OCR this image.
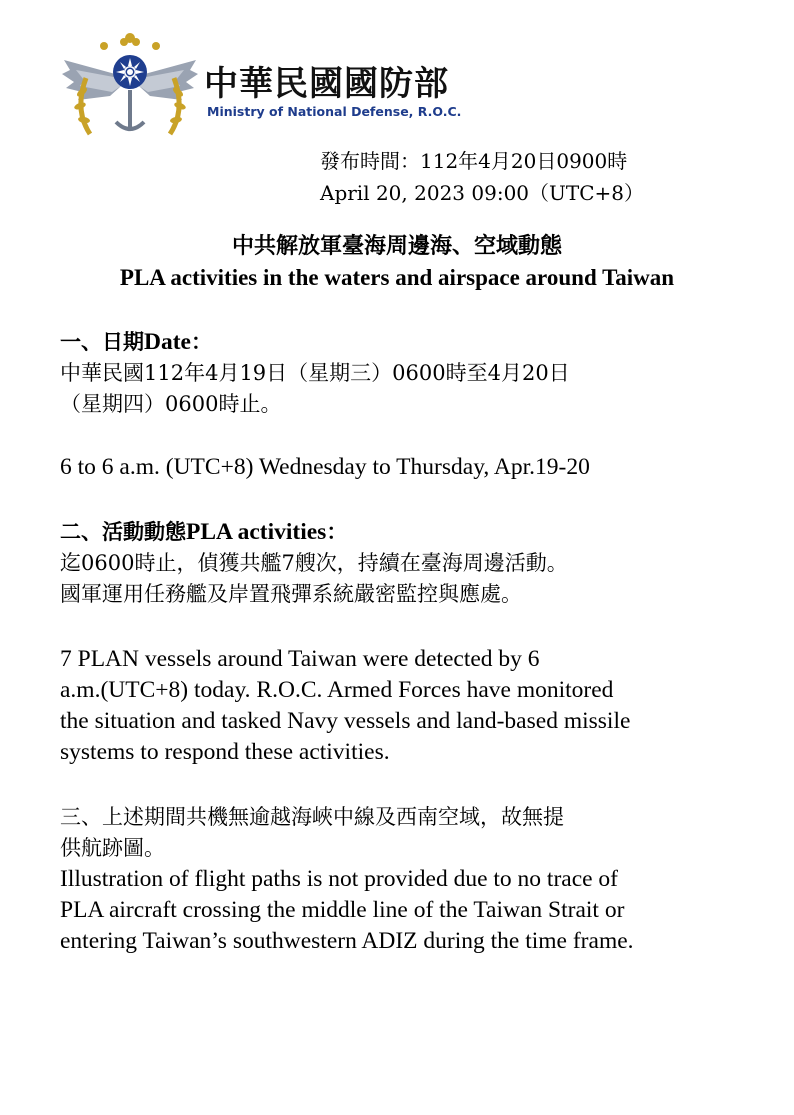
中華民國國防部
Ministry of National Defense, R.O.C.
發布時間：112年4月20日0900時
April 20, 2023 09:00（UTC+8）
中共解放軍臺海周邊海、空域動態
PLA activities in the waters and airspace around Taiwan
一、日期Date：
中華民國112年4月19日（星期三）0600時至4月20日
（星期四）0600時止。
6 to 6 a.m. (UTC+8) Wednesday to Thursday, Apr.19-20
二、活動動態PLA activities：
迄0600時止，偵獲共艦7艘次，持續在臺海周邊活動。
國軍運用任務艦及岸置飛彈系統嚴密監控與應處。
7 PLAN vessels around Taiwan were detected by 6
a.m.(UTC+8) today. R.O.C. Armed Forces have monitored
the situation and tasked Navy vessels and land-based missile
systems to respond these activities.
三、上述期間共機無逾越海峽中線及西南空域，故無提
供航跡圖。
Illustration of flight paths is not provided due to no trace of
PLA aircraft crossing the middle line of the Taiwan Strait or
entering Taiwan’s southwestern ADIZ during the time frame.
